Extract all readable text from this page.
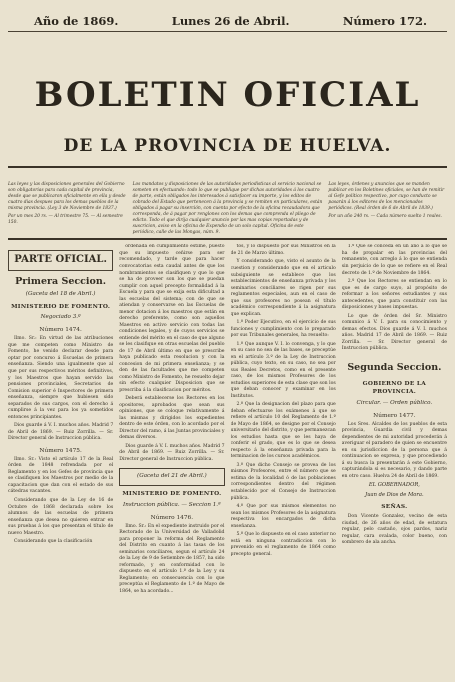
Año de 1869.	Lunes 26 de Abril.	Número 172.
BOLETIN OFICIAL
DE LA PROVINCIA DE HUELVA.
Las leyes y las disposiciones generales del Gobierno son obligatorias para cada capital de provincia, desde que se publicaron oficialmente en ella y desde cuatro dias despues para los demas pueblos de la misma provincia. (Ley 3 de Noviembre de 1837.)
Por un mes 20 rs. — Al trimestre 75. — Al semestre 150.
Los mandatos y disposiciones de las autoridades periodisticas al servicio nacional se someten en efectuando: todo lo que se publique por dichas autoridades á los cuatro de parte, están obligados los interesados á satisfacer su importe, y los editos de cobrado del Estado que pertenecen á la provincia y se remiten en particulares, están obligados á pagar su inserción, con cuenta por efecto de la oficina recaudadora que corresponda, de á pagar por renglones con los demas que comprenda el pliego de edicto. Todo el que dirija cualquier anuncio por las mas copias reportadas y de suscricion, aviso en la oficina de Expendio de un solo capital. Oficina de este periódico, calle de las Mongas, núm. 9.
Las leyes, órdenes y anuncios que se manden publicar en los Boletines oficiales, se han de remitir al Gefe político respectivo, por cuyo conducto se pasarán á los editores de los mencionados periódicos. (Real órden de 6 de Abril de 1839.)
Por un año 240 rs. — Cada número suelto 1 reales.
PARTE OFICIAL.
Primera Seccion.
(Gaceta del 18 de Abril.)
MINISTERIO DE FOMENTO.
Negociado 3.º
Número 1474.

Ilmo. Sr.: En virtud de las atribuciones que me competen como Ministro de Fomento, he venido declarar desde para optar por concurso á Escuelas de primera enseñanza. Siendo una igualmente que al que por sus respectivos méritos definitivos, y los Maestros que hayan servido las pensiones provinciales, Secretarios de Comision superior é Inspectores de primera enseñanza, siempre que hubiesen sido separados de sus cargos, con el derecho á cumplirse á la vez para los ya sometidos entonces principiantes.

Dios guarde á V. I. muchos años. Madrid 7 de Abril de 1869. — Ruiz Zorrilla. — Sr. Director general de Instruccion pública.

Número 1475.

Ilmo. Sr.: Visto el artículo 17 de la Real órden de 1848 refrendada por el Reglamento y en los Gefes de provincia que se clasifiquen los Maestros por medio de la capacitacion que dan con el estado de sus cátedras vacantes.

Considerando que de la Ley de 16 de Octubre de 1868 declarada sobre los alumnos de las escuelas de primera enseñanza que desea no quieren entrar en sus pruebas á los que presentan el título de nuevo Maestro.

Considerando que la clasificación

ordenada en cumplimiento estime, puesto que su impuesto ceñirse para ser recomendado, y tarde que para hacer convocatorias esta caudal antes de que los nombramientos se clasifiquen y que lo que se ha de proveer son los que se puedan cumplir con aquel precepto formalidad á la Escuela y para que se exija esta dificultad a las escuelas del sistema; con de que se atiendan y conservarse en las Escuelas de menor dotacion á los maestros que están en derecho preferente, como son aquellos Maestros en activo servicio con todas las condiciones legales, y de cuyos servicios se entiende del mérito en el caso de que alguno se les clasifique en otras escuelas del pueblo de 17 de Abril último en que se prescribe haya publicado esta resolucion y con la concesion de mi primera enseñanza; y se den de las facultades que me competen como Ministro de Fomento, he resuelto dejar sin efecto cualquier Disposicion que se prescriba á la clasificacion por méritos.

Deberá establecerse los Rectores en los opositores, aprobados que sean sus opiniones, que se coloque relativamente á las mismas y dirigidos los expedientes dentro de este órden, con lo acordado por el Director del ramo, á las Juntas provinciales y demas diversos.

Dios guarde á V. I. muchos años. Madrid 7 de Abril de 1869. — Ruiz Zorrilla. — Sr. Director general de Instruccion pública.

(Gaceta del 21 de Abril.)
MINISTERIO DE FOMENTO.
Instruccion pública. — Seccion 1.ª
Número 1476.

Ilmo. Sr.: En el expediente instruido por el Rectorado de la Universidad de Valladolid para proponer la reforma del Reglamento del Distrito en cuanto á las tasas de los seminarios conciliares, segun el artículo 24 de la Ley de 9 de Setiembre de 1857, ha sido reformado, y en conformidad con lo dispuesto en el artículo 1.º de la Ley y su Reglamento; en consecuencia con lo que preceptúa el Reglamento de 1.º de Mayo de 1864, se ha acordado...

tos, y lo dispuesto por sus Ministros en la de 21 de Marzo último.

Y considerando que, visto el asunto de la cuestion y considerando que en el articulo subsiguiente se establece que los establecimientos de enseñanza privada y los seminarios conciliares se rigen por sus reglamentos especiales, aun en el caso de que sus profesores no posean el título académico correspondiente á la asignatura que explican.

1.º Poder Ejecutivo, en el ejercicio de sus funciones y cumplimiento con lo preparado por sus Tribunales generales, ha resuelto:

1.º Que aunque V. I. lo convenga, y lo que en su caso no sea de las bases, se preceptúe en el artículo 3.º de la Ley de Instruccion pública, cuyo texto, en su caso, no sea por sus Reales Decretos, como en el presente caso, de los mismos Profesores de los estudios superiores de esta clase que son los que deban conocer y examinar en los Institutos.

2.º Que la designacion del plazo para que deban efectuarse los exámenes á que se refiere el artículo 10 del Reglamento de 1.º de Mayo de 1864, se designe por el Consejo universitario del distrito, y que permanezcan los estudios hasta que se les haya de conferir el grado, que es lo que se desea respecto á la enseñanza privada para la terminacion de los cursos académicos.

3.º Que dicho Consejo se provea de los mismos Profesores, entre el número que se estima de la localidad ó de las poblaciones correspondientes dentro del régimen establecido por el Consejo de Instruccion pública.

4.º Que por sus mismos elementos no sean los mismos Profesores de la asignatura respectiva los encargados de dicha enseñanza.

5.º Que lo dispuesto en el caso anterior no está en ninguna contradiccion con lo prevenido en el reglamento de 1864 como precepto general.

1.º Que se conceda en un año á lo que se ha de propalar en las provincias del remanente, con arreglo á lo que se entienda sin perjuicio de lo que se refiere en el Real decreto de 1.º de Noviembre de 1864.

2.º Que los Rectores se entiendan en lo que es de cargo suyo, al propósito de reformar a los señores estudiantes y sus antecedentes, que para constituir con las disposiciones y bases impuestas.

Lo que de órden del Sr. Ministro comunico á V. I. para su conocimiento y demas efectos. Dios guarde á V. I. muchos años. Madrid 17 de Abril de 1869. — Ruiz Zorrilla. — Sr. Director general de Instruccion pública.

Segunda Seccion.
GOBIERNO DE LA PROVINCIA.
Circular. — Orden público.
Número 1477.

Los Sres. Alcaldes de los pueblos de esta provincia, Guardia civil y demas dependientes de mi autoridad procederán á averiguar el paradero de quien se encuentre en su jurisdiccion de la persona que á continuacion se expresa, y que procediendo á su busca la presentarán á este Gobierno, capturándola si es necesario, y dando parte en otro caso. Huelva 24 de Abril de 1869.

EL GOBERNADOR,
Juan de Dios de Mora.
SEÑAS.

Don Vicente Gonzalez, vecino de esta ciudad, de 26 años de edad, de estatura regular, pelo castaño, ojos pardos, nariz regular, cara ovalada, color bueno, con sombrero de ala ancha.
